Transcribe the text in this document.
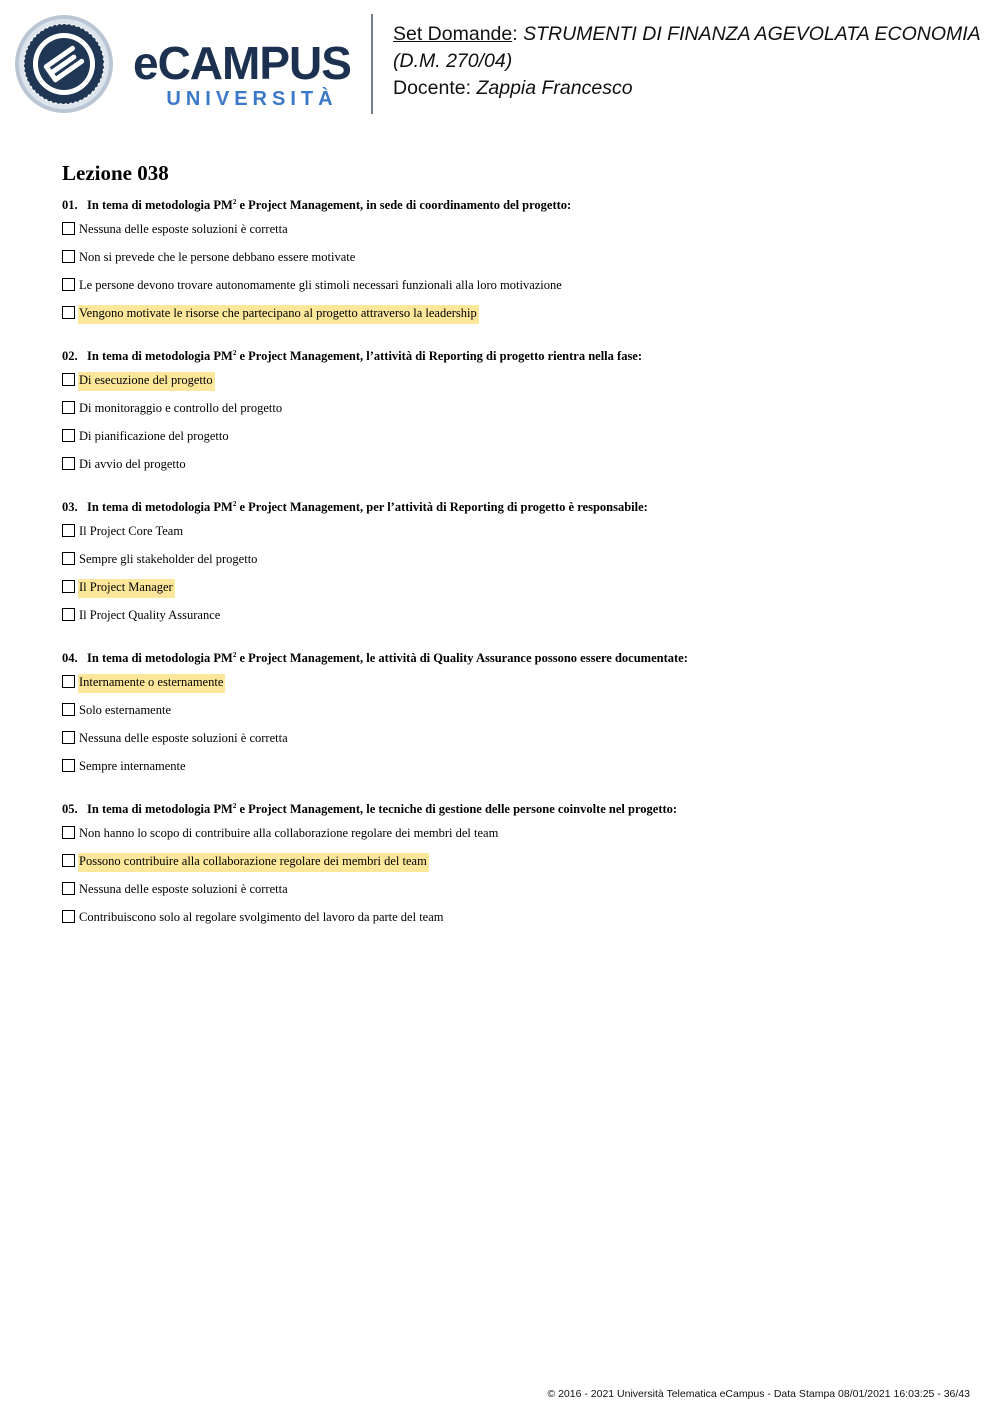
eCAMPUS
UNIVERSITÀ
Set Domande: STRUMENTI DI FINANZA AGEVOLATA ECONOMIA (D.M. 270/04)
Docente: Zappia Francesco
Lezione 038
01. In tema di metodologia $PM^2$ e Project Management, in sede di coordinamento del progetto:
Nessuna delle esposte soluzioni è corretta
Non si prevede che le persone debbano essere motivate
Le persone devono trovare autonomamente gli stimoli necessari funzionali alla loro motivazione
Vengono motivate le risorse che partecipano al progetto attraverso la leadership
02. In tema di metodologia $PM^2$ e Project Management, l’attività di Reporting di progetto rientra nella fase:
Di esecuzione del progetto
Di monitoraggio e controllo del progetto
Di pianificazione del progetto
Di avvio del progetto
03. In tema di metodologia $PM^2$ e Project Management, per l’attività di Reporting di progetto è responsabile:
Il Project Core Team
Sempre gli stakeholder del progetto
Il Project Manager
Il Project Quality Assurance
04. In tema di metodologia $PM^2$ e Project Management, le attività di Quality Assurance possono essere documentate:
Internamente o esternamente
Solo esternamente
Nessuna delle esposte soluzioni è corretta
Sempre internamente
05. In tema di metodologia $PM^2$ e Project Management, le tecniche di gestione delle persone coinvolte nel progetto:
Non hanno lo scopo di contribuire alla collaborazione regolare dei membri del team
Possono contribuire alla collaborazione regolare dei membri del team
Nessuna delle esposte soluzioni è corretta
Contribuiscono solo al regolare svolgimento del lavoro da parte del team
© 2016 - 2021 Università Telematica eCampus - Data Stampa 08/01/2021 16:03:25 - 36/43
